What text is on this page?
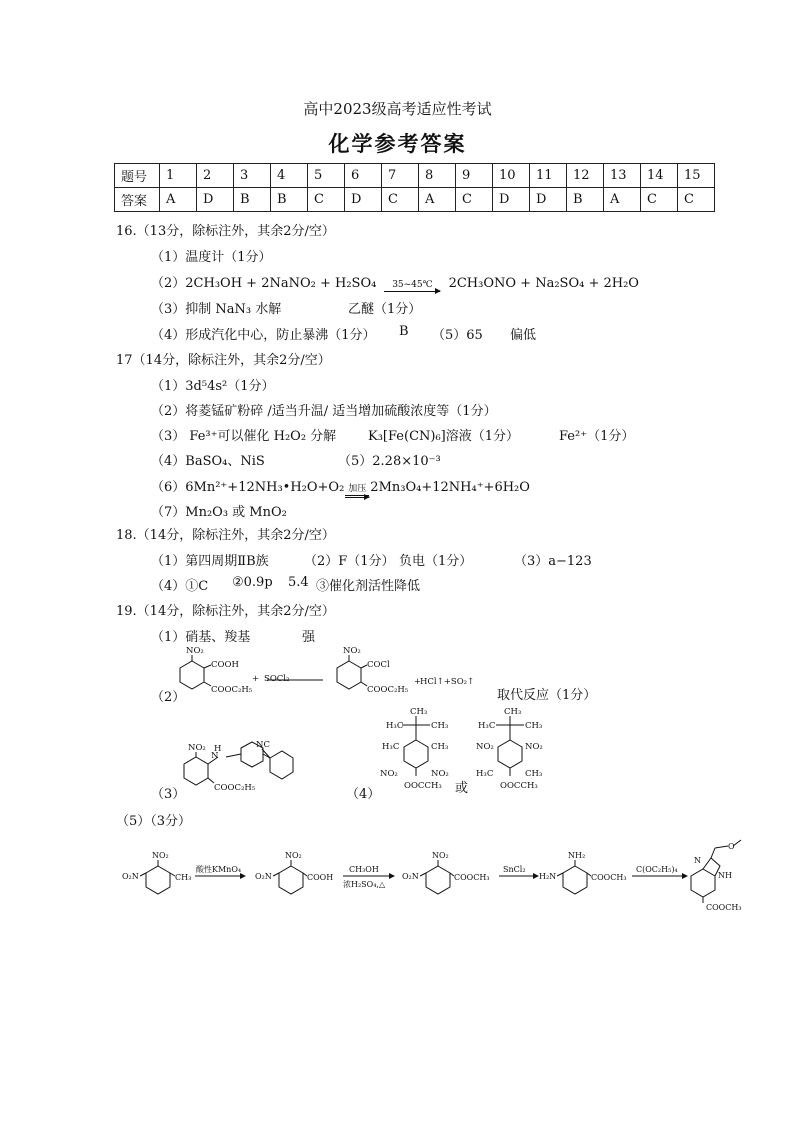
高中2023级高考适应性考试
化学参考答案
题号	1	2	3	4	5	6	7	8	9	10	11	12	13	14	15
答案	A	D	B	B	C	D	C	A	C	D	D	B	A	C	C
16.（13分，除标注外，其余2分/空）
（1）温度计（1分）
（2）2CH₃OH + 2NaNO₂ + H₂SO₄	35~45℃	2CH₃ONO + Na₂SO₄ + 2H₂O
（3）抑制 NaN₃ 水解	乙醚（1分）
（4）形成汽化中心，防止暴沸（1分） B （5）65 偏低
17（14分，除标注外，其余2分/空）
（1）3d⁵4s²（1分）
（2）将菱锰矿粉碎 /适当升温/ 适当增加硫酸浓度等（1分）
（3） Fe³⁺可以催化 H₂O₂ 分解 K₃[Fe(CN)₆]溶液（1分）	Fe²⁺（1分）
（4）BaSO₄、NiS	（5）2.28×10⁻³
（6）6Mn²⁺+12NH₃•H₂O+O₂ 加压 2Mn₃O₄+12NH₄⁺+6H₂O
（7）Mn₂O₃ 或 MnO₂
18.（14分，除标注外，其余2分/空）
（1）第四周期ⅡB族	（2）F（1分） 负电（1分）	（3）a−123
（4）①C ②0.9p 5.4 ③催化剂活性降低
19.（14分，除标注外，其余2分/空）
（1）硝基、羧基	强
（2）	取代反应（1分）
（3）	（4）
（5）（3分）
NO₂
COOH
COOC₂H₅
+ SOCl₂
NO₂
COCl
COOC₂H₅
+
HCl↑+SO₂↑
NO₂
N
H
COOC₂H₅
NC
CH₃
H₃C	CH₃
H₃C	CH₃
NO₂	NO₂
OOCCH₃ 或
CH₃
H₃C	CH₃
NO₂	NO₂
H₃C	CH₃
OOCCH₃
O₂N
NO₂
CH₃
酸性KMnO₄
O₂N
NO₂
COOH
CH₃OH
浓H₂SO₄,△
O₂N
NO₂
COOCH₃
SnCl₂
H₂N
NH₂
COOCH₃
C(OC₂H₅)₄
N
NH
O
COOCH₃
